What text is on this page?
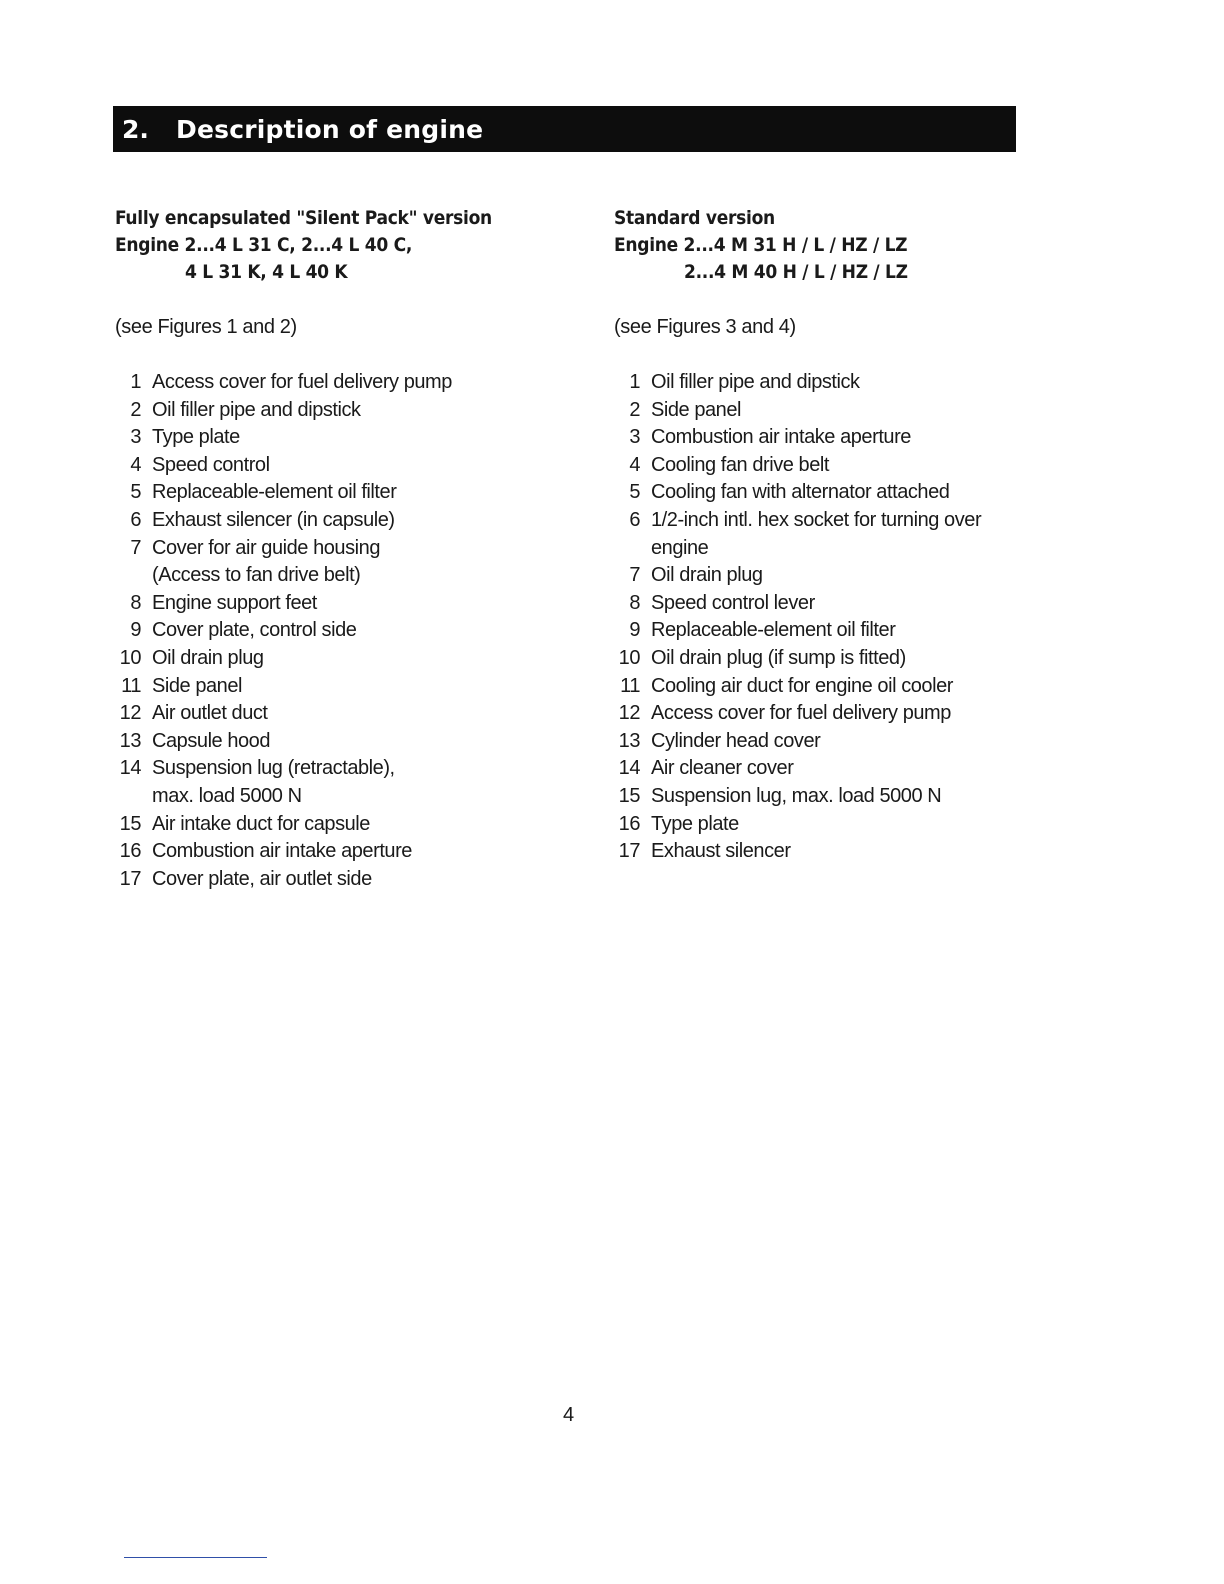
2.	Description of engine
Fully encapsulated "Silent Pack" version
Engine 2...4 L 31 C, 2...4 L 40 C,
4 L 31 K, 4 L 40 K
(see Figures 1 and 2)
1 Access cover for fuel delivery pump
2 Oil filler pipe and dipstick
3 Type plate
4 Speed control
5 Replaceable-element oil filter
6 Exhaust silencer (in capsule)
7 Cover for air guide housing
(Access to fan drive belt)
8 Engine support feet
9 Cover plate, control side
10 Oil drain plug
11 Side panel
12 Air outlet duct
13 Capsule hood
14 Suspension lug (retractable),
max. load 5000 N
15 Air intake duct for capsule
16 Combustion air intake aperture
17 Cover plate, air outlet side
Standard version
Engine 2...4 M 31 H / L / HZ / LZ
2...4 M 40 H / L / HZ / LZ
(see Figures 3 and 4)
1 Oil filler pipe and dipstick
2 Side panel
3 Combustion air intake aperture
4 Cooling fan drive belt
5 Cooling fan with alternator attached
6 1/2-inch intl. hex socket for turning over
engine
7 Oil drain plug
8 Speed control lever
9 Replaceable-element oil filter
10 Oil drain plug (if sump is fitted)
11 Cooling air duct for engine oil cooler
12 Access cover for fuel delivery pump
13 Cylinder head cover
14 Air cleaner cover
15 Suspension lug, max. load 5000 N
16 Type plate
17 Exhaust silencer
4
